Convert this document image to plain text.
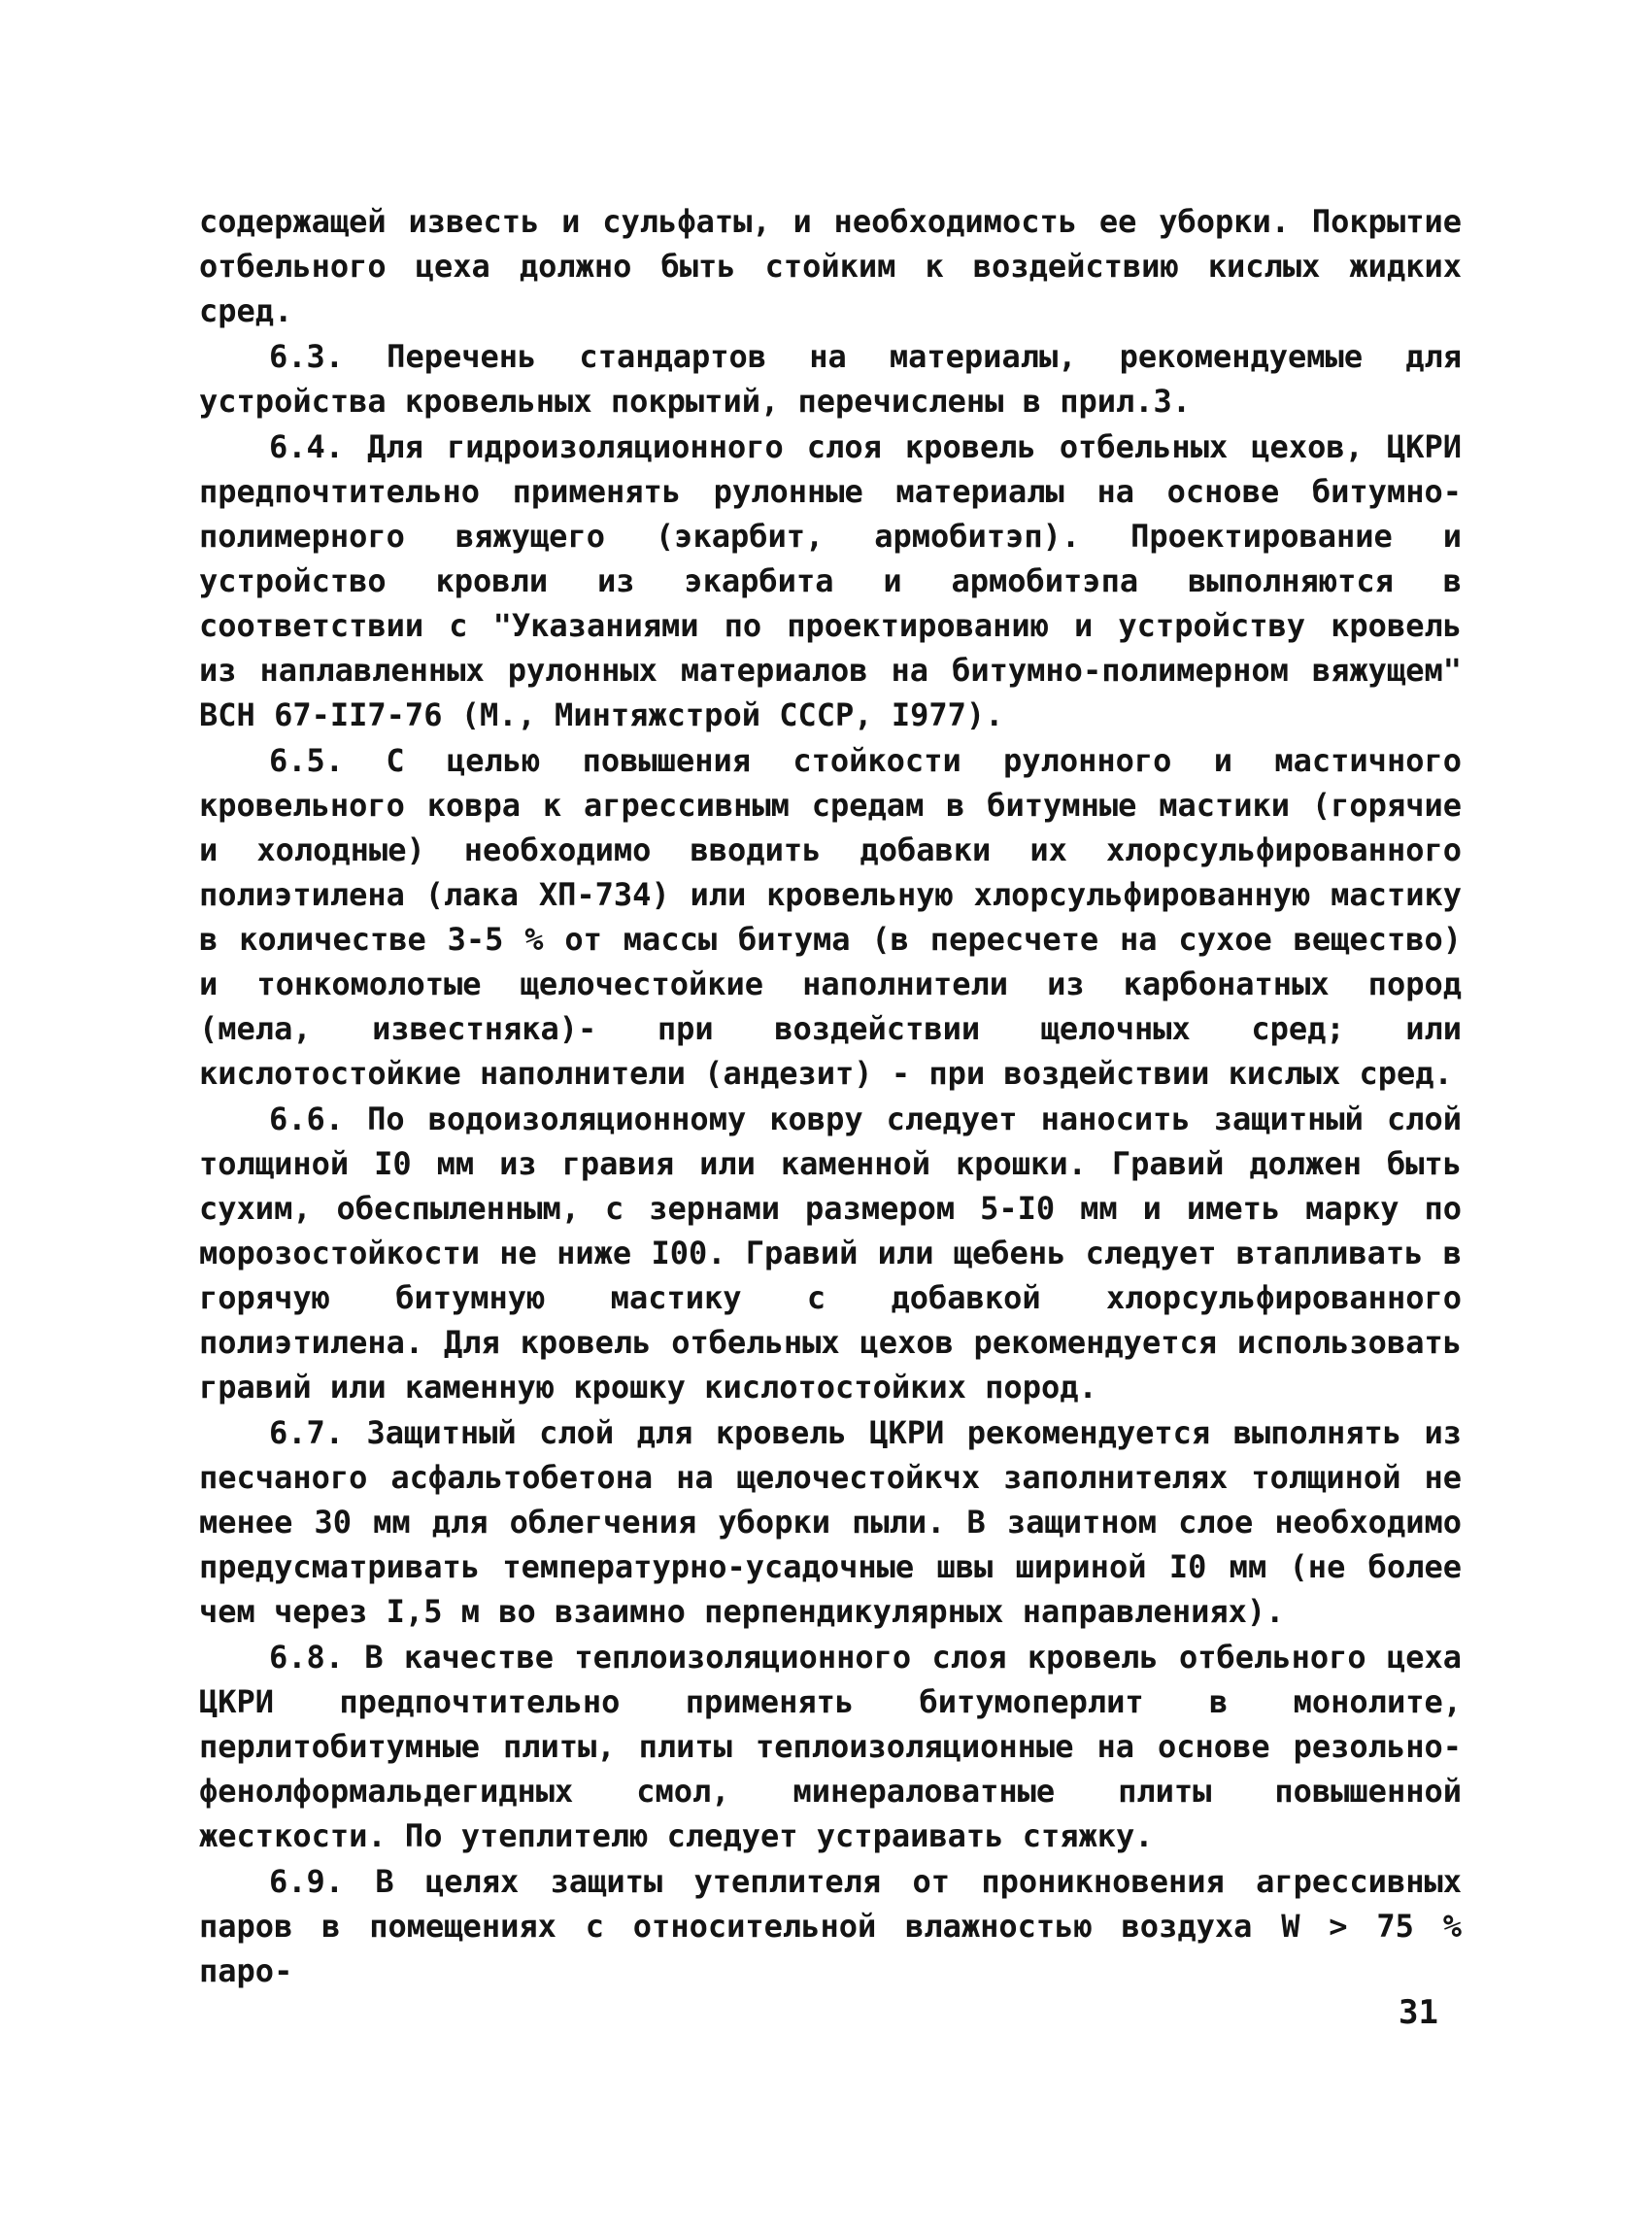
содержащей известь и сульфаты, и необходимость ее уборки. Покрытие отбельного цеха должно быть стойким к воздействию кислых жидких сред.

6.3. Перечень стандартов на материалы, рекомендуемые для устройства кровельных покрытий, перечислены в прил.3.

6.4. Для гидроизоляционного слоя кровель отбельных цехов, ЦКРИ предпочтительно применять рулонные материалы на основе битумно-полимерного вяжущего (экарбит, армобитэп). Проектирование и устройство кровли из экарбита и армобитэпа выполняются в соответствии с "Указаниями по проектированию и устройству кровель из наплавленных рулонных материалов на битумно-полимерном вяжущем" ВСН 67-II7-76 (М., Минтяжстрой СССР, I977).

6.5. С целью повышения стойкости рулонного и мастичного кровельного ковра к агрессивным средам в битумные мастики (горячие и холодные) необходимо вводить добавки их хлорсульфированного полиэтилена (лака ХП-734) или кровельную хлорсульфированную мастику в количестве 3-5 % от массы битума (в пересчете на сухое вещество) и тонкомолотые щелочестойкие наполнители из карбонатных пород (мела, известняка)- при воздействии щелочных сред; или кислотостойкие наполнители (андезит) - при воздействии кислых сред.

6.6. По водоизоляционному ковру следует наносить защитный слой толщиной I0 мм из гравия или каменной крошки. Гравий должен быть сухим, обеспыленным, с зернами размером 5-I0 мм и иметь марку по морозостойкости не ниже I00. Гравий или щебень следует втапливать в горячую битумную мастику с добавкой хлорсульфированного полиэтилена. Для кровель отбельных цехов рекомендуется использовать гравий или каменную крошку кислотостойких пород.

6.7. Защитный слой для кровель ЦКРИ рекомендуется выполнять из песчаного асфальтобетона на щелочестойкчх заполнителях толщиной не менее 30 мм для облегчения уборки пыли. В защитном слое необходимо предусматривать температурно-усадочные швы шириной I0 мм (не более чем через I,5 м во взаимно перпендикулярных направлениях).

6.8. В качестве теплоизоляционного слоя кровель отбельного цеха ЦКРИ предпочтительно применять битумоперлит в монолите, перлитобитумные плиты, плиты теплоизоляционные на основе резольно-фенолформальдегидных смол, минераловатные плиты повышенной жесткости. По утеплителю следует устраивать стяжку.

6.9. В целях защиты утеплителя от проникновения агрессивных паров в помещениях с относительной влажностью воздуха W > 75 % паро-

31
